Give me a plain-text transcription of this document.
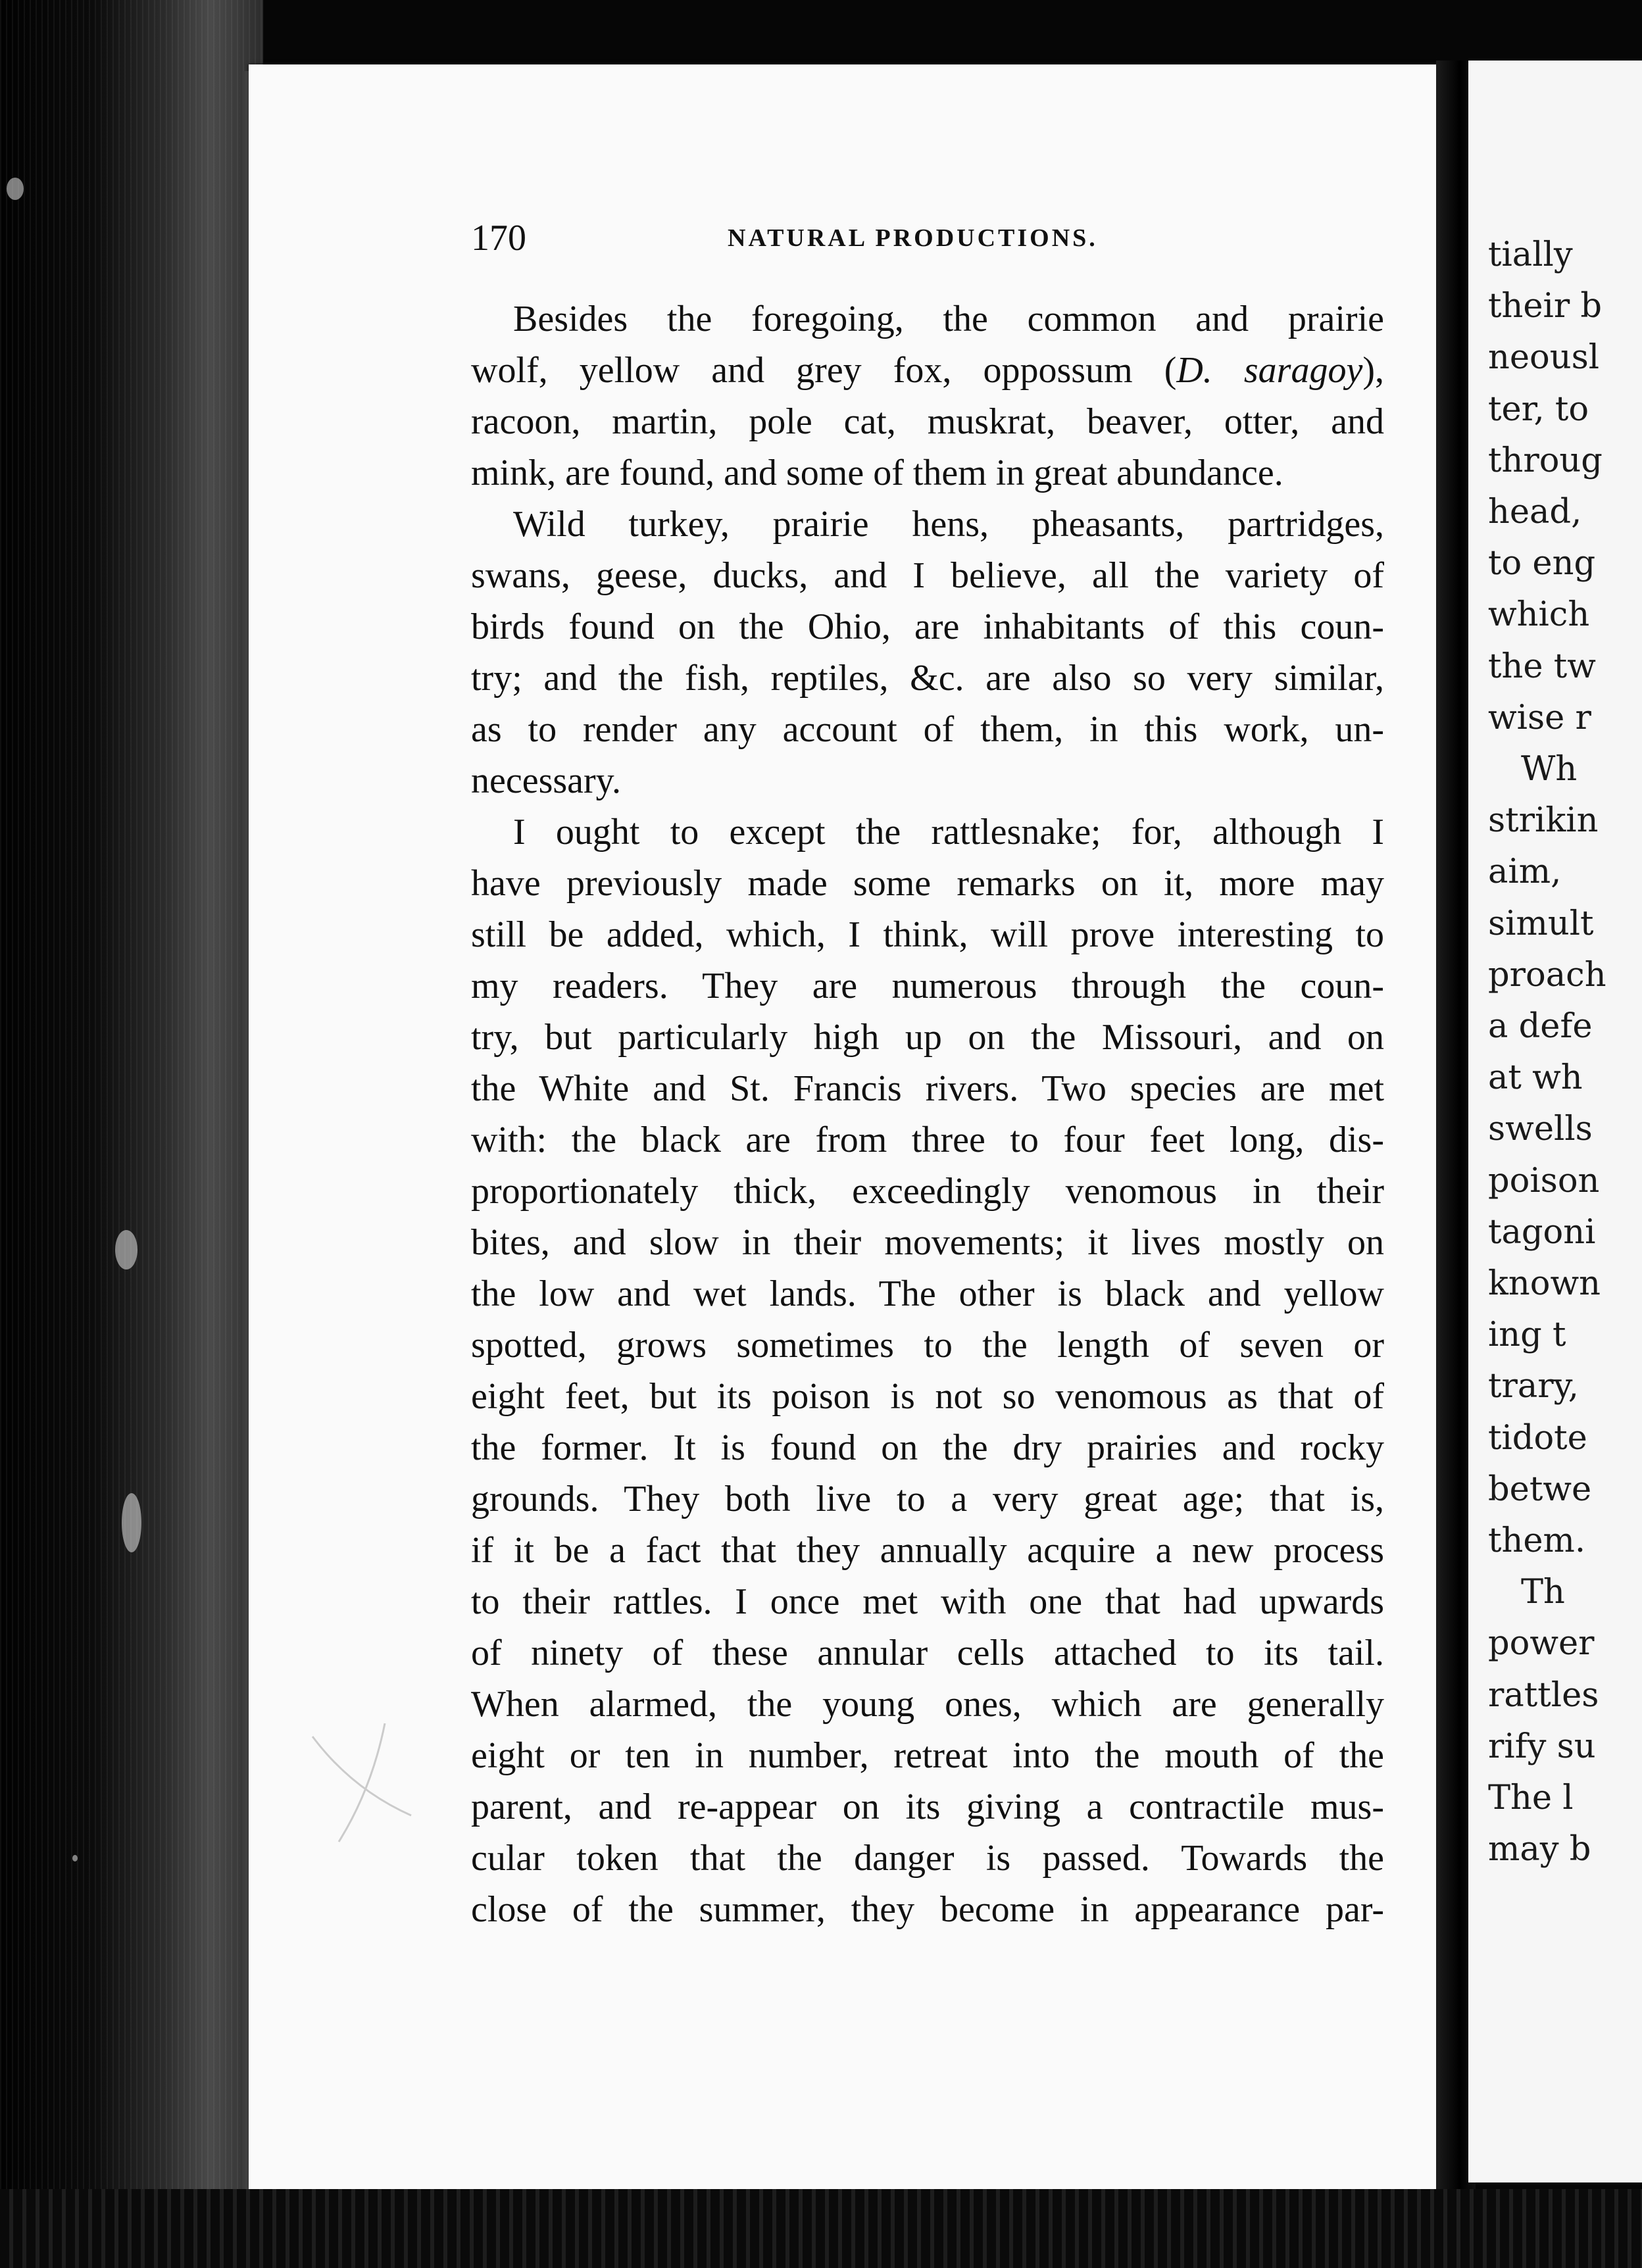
170	NATURAL PRODUCTIONS.
Besides the foregoing, the common and prairie
wolf, yellow and grey fox, oppossum (D. saragoy),
racoon, martin, pole cat, muskrat, beaver, otter, and
mink, are found, and some of them in great abundance.
Wild turkey, prairie hens, pheasants, partridges,
swans, geese, ducks, and I believe, all the variety of
birds found on the Ohio, are inhabitants of this coun-
try; and the fish, reptiles, &c. are also so very similar,
as to render any account of them, in this work, un-
necessary.
I ought to except the rattlesnake; for, although I
have previously made some remarks on it, more may
still be added, which, I think, will prove interesting to
my readers. They are numerous through the coun-
try, but particularly high up on the Missouri, and on
the White and St. Francis rivers. Two species are met
with: the black are from three to four feet long, dis-
proportionately thick, exceedingly venomous in their
bites, and slow in their movements; it lives mostly on
the low and wet lands. The other is black and yellow
spotted, grows sometimes to the length of seven or
eight feet, but its poison is not so venomous as that of
the former. It is found on the dry prairies and rocky
grounds. They both live to a very great age; that is,
if it be a fact that they annually acquire a new process
to their rattles. I once met with one that had upwards
of ninety of these annular cells attached to its tail.
When alarmed, the young ones, which are generally
eight or ten in number, retreat into the mouth of the
parent, and re-appear on its giving a contractile mus-
cular token that the danger is passed. Towards the
close of the summer, they become in appearance par-
tially
their b
neousl
ter, to
throug
head,
to eng
which
the tw
wise r
Wh
strikin
aim,
simult
proach
a defe
at wh
swells
poison
tagoni
known
ing t
trary,
tidote
betwe
them.
Th
power
rattles
rify su
The l
may b
